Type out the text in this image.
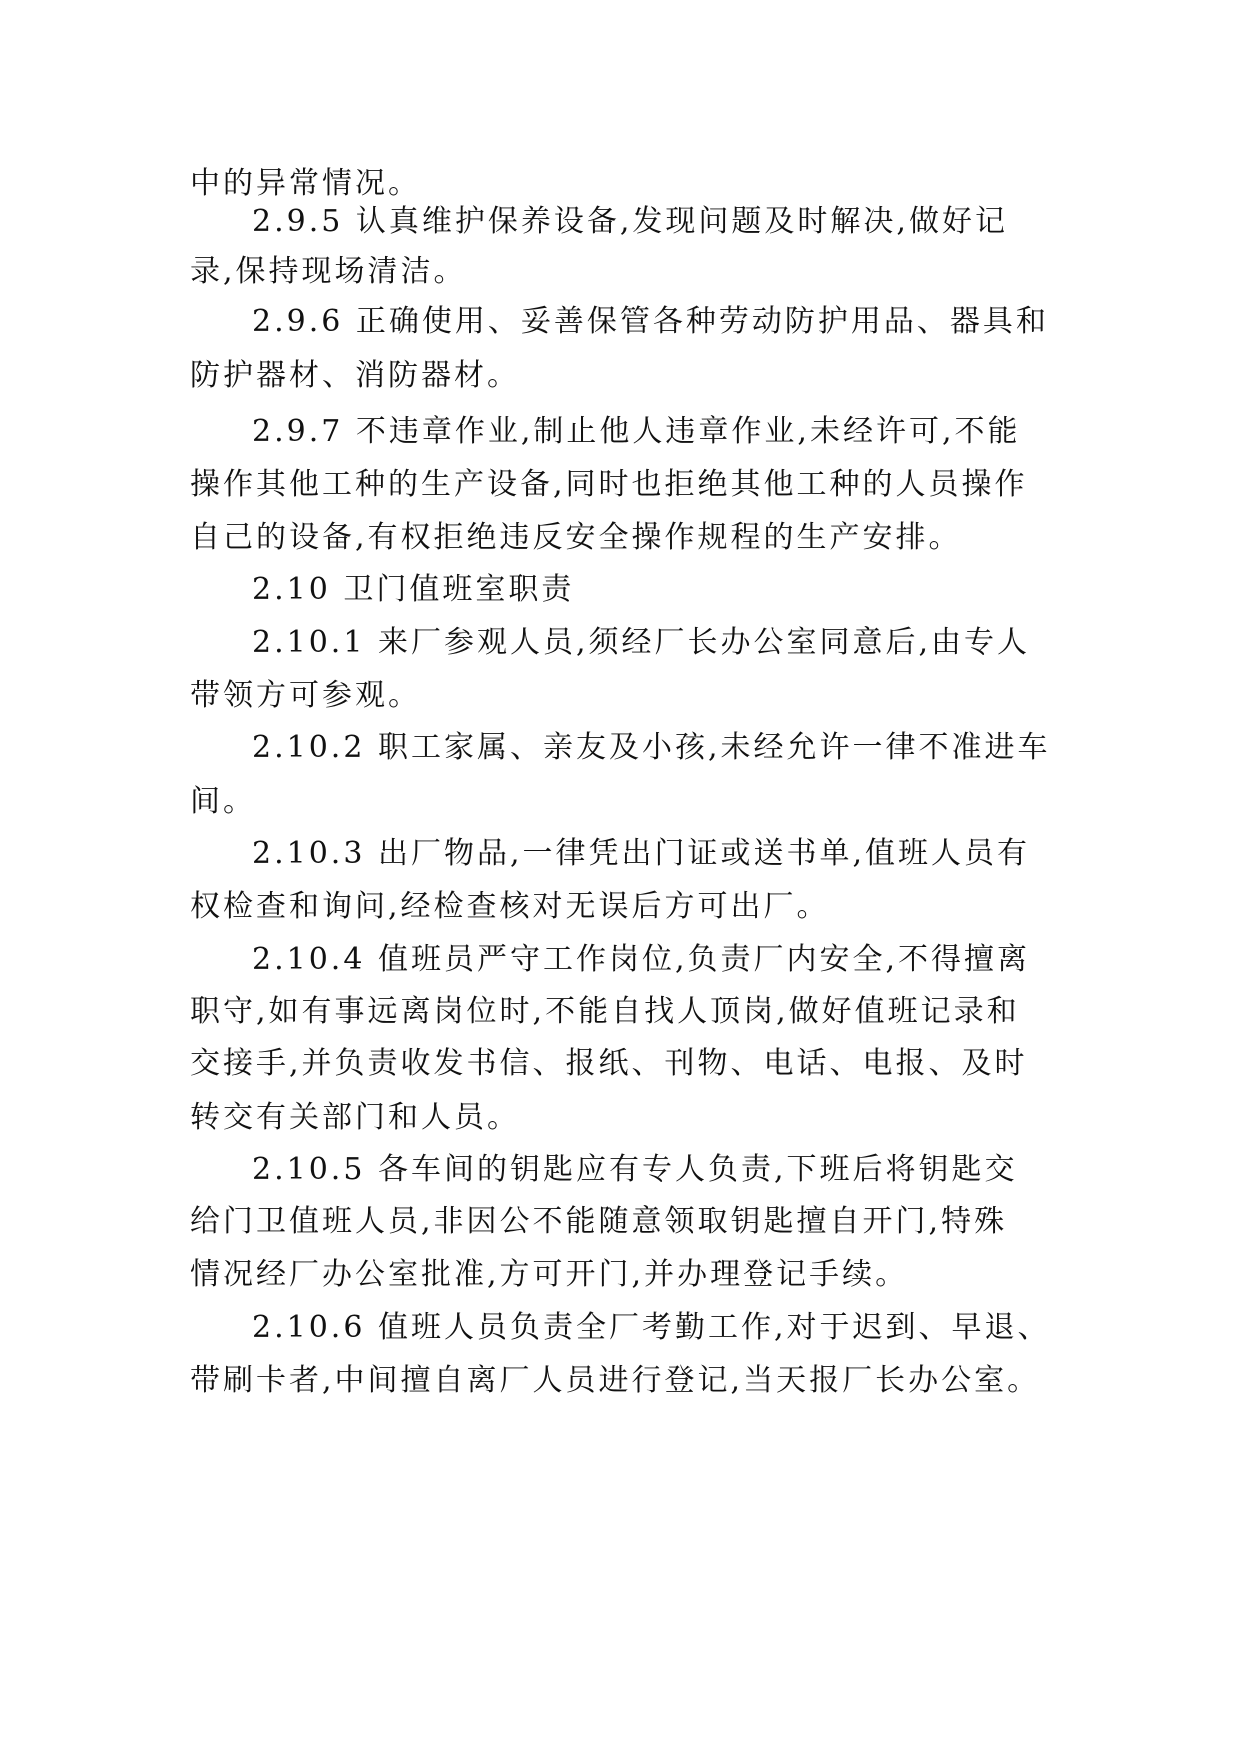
中的异常情况。
2.9.5 认真维护保养设备,发现问题及时解决,做好记
录,保持现场清洁。
2.9.6 正确使用、妥善保管各种劳动防护用品、器具和
防护器材、消防器材。
2.9.7 不违章作业,制止他人违章作业,未经许可,不能
操作其他工种的生产设备,同时也拒绝其他工种的人员操作
自己的设备,有权拒绝违反安全操作规程的生产安排。
2.10 卫门值班室职责
2.10.1 来厂参观人员,须经厂长办公室同意后,由专人
带领方可参观。
2.10.2 职工家属、亲友及小孩,未经允许一律不准进车
间。
2.10.3 出厂物品,一律凭出门证或送书单,值班人员有
权检查和询问,经检查核对无误后方可出厂。
2.10.4 值班员严守工作岗位,负责厂内安全,不得擅离
职守,如有事远离岗位时,不能自找人顶岗,做好值班记录和
交接手,并负责收发书信、报纸、刊物、电话、电报、及时
转交有关部门和人员。
2.10.5 各车间的钥匙应有专人负责,下班后将钥匙交
给门卫值班人员,非因公不能随意领取钥匙擅自开门,特殊
情况经厂办公室批准,方可开门,并办理登记手续。
2.10.6 值班人员负责全厂考勤工作,对于迟到、早退、
带刷卡者,中间擅自离厂人员进行登记,当天报厂长办公室。
